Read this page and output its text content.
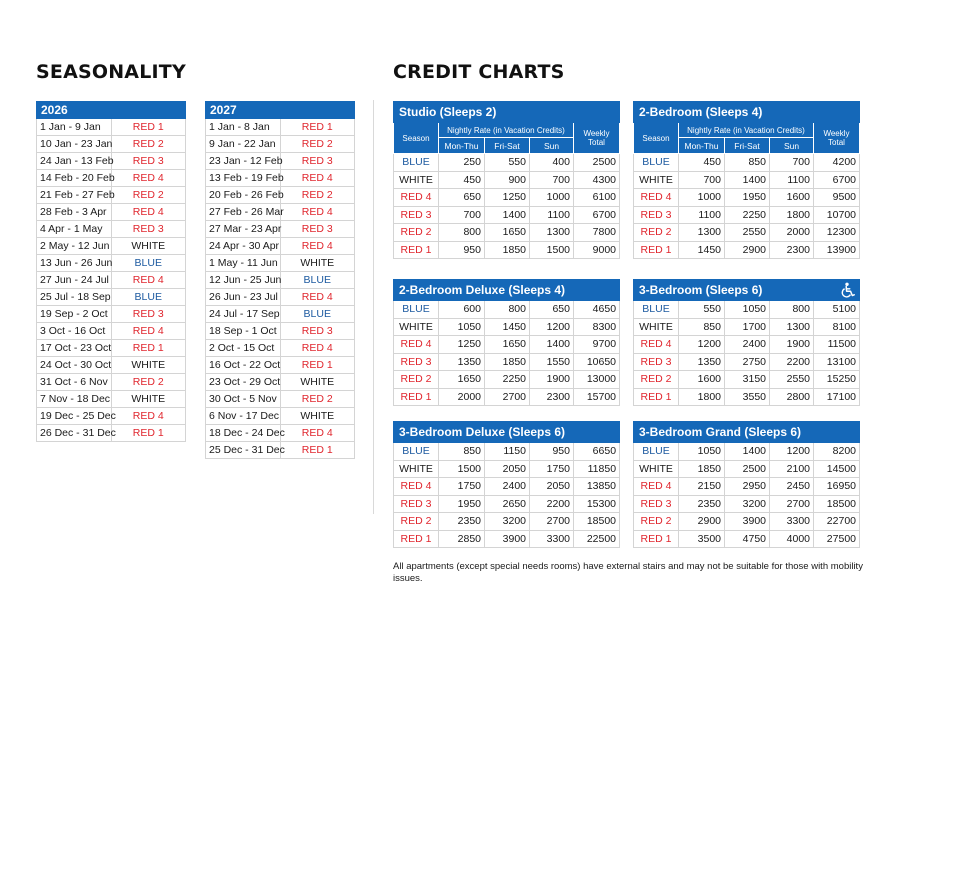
SEASONALITY	CREDIT CHARTS
2026	
1 Jan - 9 Jan	RED 1
10 Jan - 23 Jan	RED 2
24 Jan - 13 Feb	RED 3
14 Feb - 20 Feb	RED 4
21 Feb - 27 Feb	RED 2
28 Feb - 3 Apr	RED 4
4 Apr - 1 May	RED 3
2 May - 12 Jun	WHITE
13 Jun - 26 Jun	BLUE
27 Jun - 24 Jul	RED 4
25 Jul - 18 Sep	BLUE
19 Sep - 2 Oct	RED 3
3 Oct - 16 Oct	RED 4
17 Oct - 23 Oct	RED 1
24 Oct - 30 Oct	WHITE
31 Oct - 6 Nov	RED 2
7 Nov - 18 Dec	WHITE
19 Dec - 25 Dec	RED 4
26 Dec - 31 Dec	RED 1
2027	
1 Jan - 8 Jan	RED 1
9 Jan - 22 Jan	RED 2
23 Jan - 12 Feb	RED 3
13 Feb - 19 Feb	RED 4
20 Feb - 26 Feb	RED 2
27 Feb - 26 Mar	RED 4
27 Mar - 23 Apr	RED 3
24 Apr - 30 Apr	RED 4
1 May - 11 Jun	WHITE
12 Jun - 25 Jun	BLUE
26 Jun - 23 Jul	RED 4
24 Jul - 17 Sep	BLUE
18 Sep - 1 Oct	RED 3
2 Oct - 15 Oct	RED 4
16 Oct - 22 Oct	RED 1
23 Oct - 29 Oct	WHITE
30 Oct - 5 Nov	RED 2
6 Nov - 17 Dec	WHITE
18 Dec - 24 Dec	RED 4
25 Dec - 31 Dec	RED 1
Studio (Sleeps 2)				
Season	Nightly Rate (in Vacation Credits)			Weekly Total
	Mon-Thu	Fri-Sat	Sun	
BLUE	250	550	400	2500
WHITE	450	900	700	4300
RED 4	650	1250	1000	6100
RED 3	700	1400	1100	6700
RED 2	800	1650	1300	7800
RED 1	950	1850	1500	9000
2-Bedroom (Sleeps 4)				
Season	Nightly Rate (in Vacation Credits)			Weekly Total
	Mon-Thu	Fri-Sat	Sun	
BLUE	450	850	700	4200
WHITE	700	1400	1100	6700
RED 4	1000	1950	1600	9500
RED 3	1100	2250	1800	10700
RED 2	1300	2550	2000	12300
RED 1	1450	2900	2300	13900
2-Bedroom Deluxe (Sleeps 4)				
BLUE	600	800	650	4650
WHITE	1050	1450	1200	8300
RED 4	1250	1650	1400	9700
RED 3	1350	1850	1550	10650
RED 2	1650	2250	1900	13000
RED 1	2000	2700	2300	15700
3-Bedroom (Sleeps 6)				

BLUE	550	1050	800	5100
WHITE	850	1700	1300	8100
RED 4	1200	2400	1900	11500
RED 3	1350	2750	2200	13100
RED 2	1600	3150	2550	15250
RED 1	1800	3550	2800	17100
3-Bedroom Deluxe (Sleeps 6)				
BLUE	850	1150	950	6650
WHITE	1500	2050	1750	11850
RED 4	1750	2400	2050	13850
RED 3	1950	2650	2200	15300
RED 2	2350	3200	2700	18500
RED 1	2850	3900	3300	22500
3-Bedroom Grand (Sleeps 6)				
BLUE	1050	1400	1200	8200
WHITE	1850	2500	2100	14500
RED 4	2150	2950	2450	16950
RED 3	2350	3200	2700	18500
RED 2	2900	3900	3300	22700
RED 1	3500	4750	4000	27500

All apartments (except special needs rooms) have external stairs and may not be suitable for those with mobility issues.
